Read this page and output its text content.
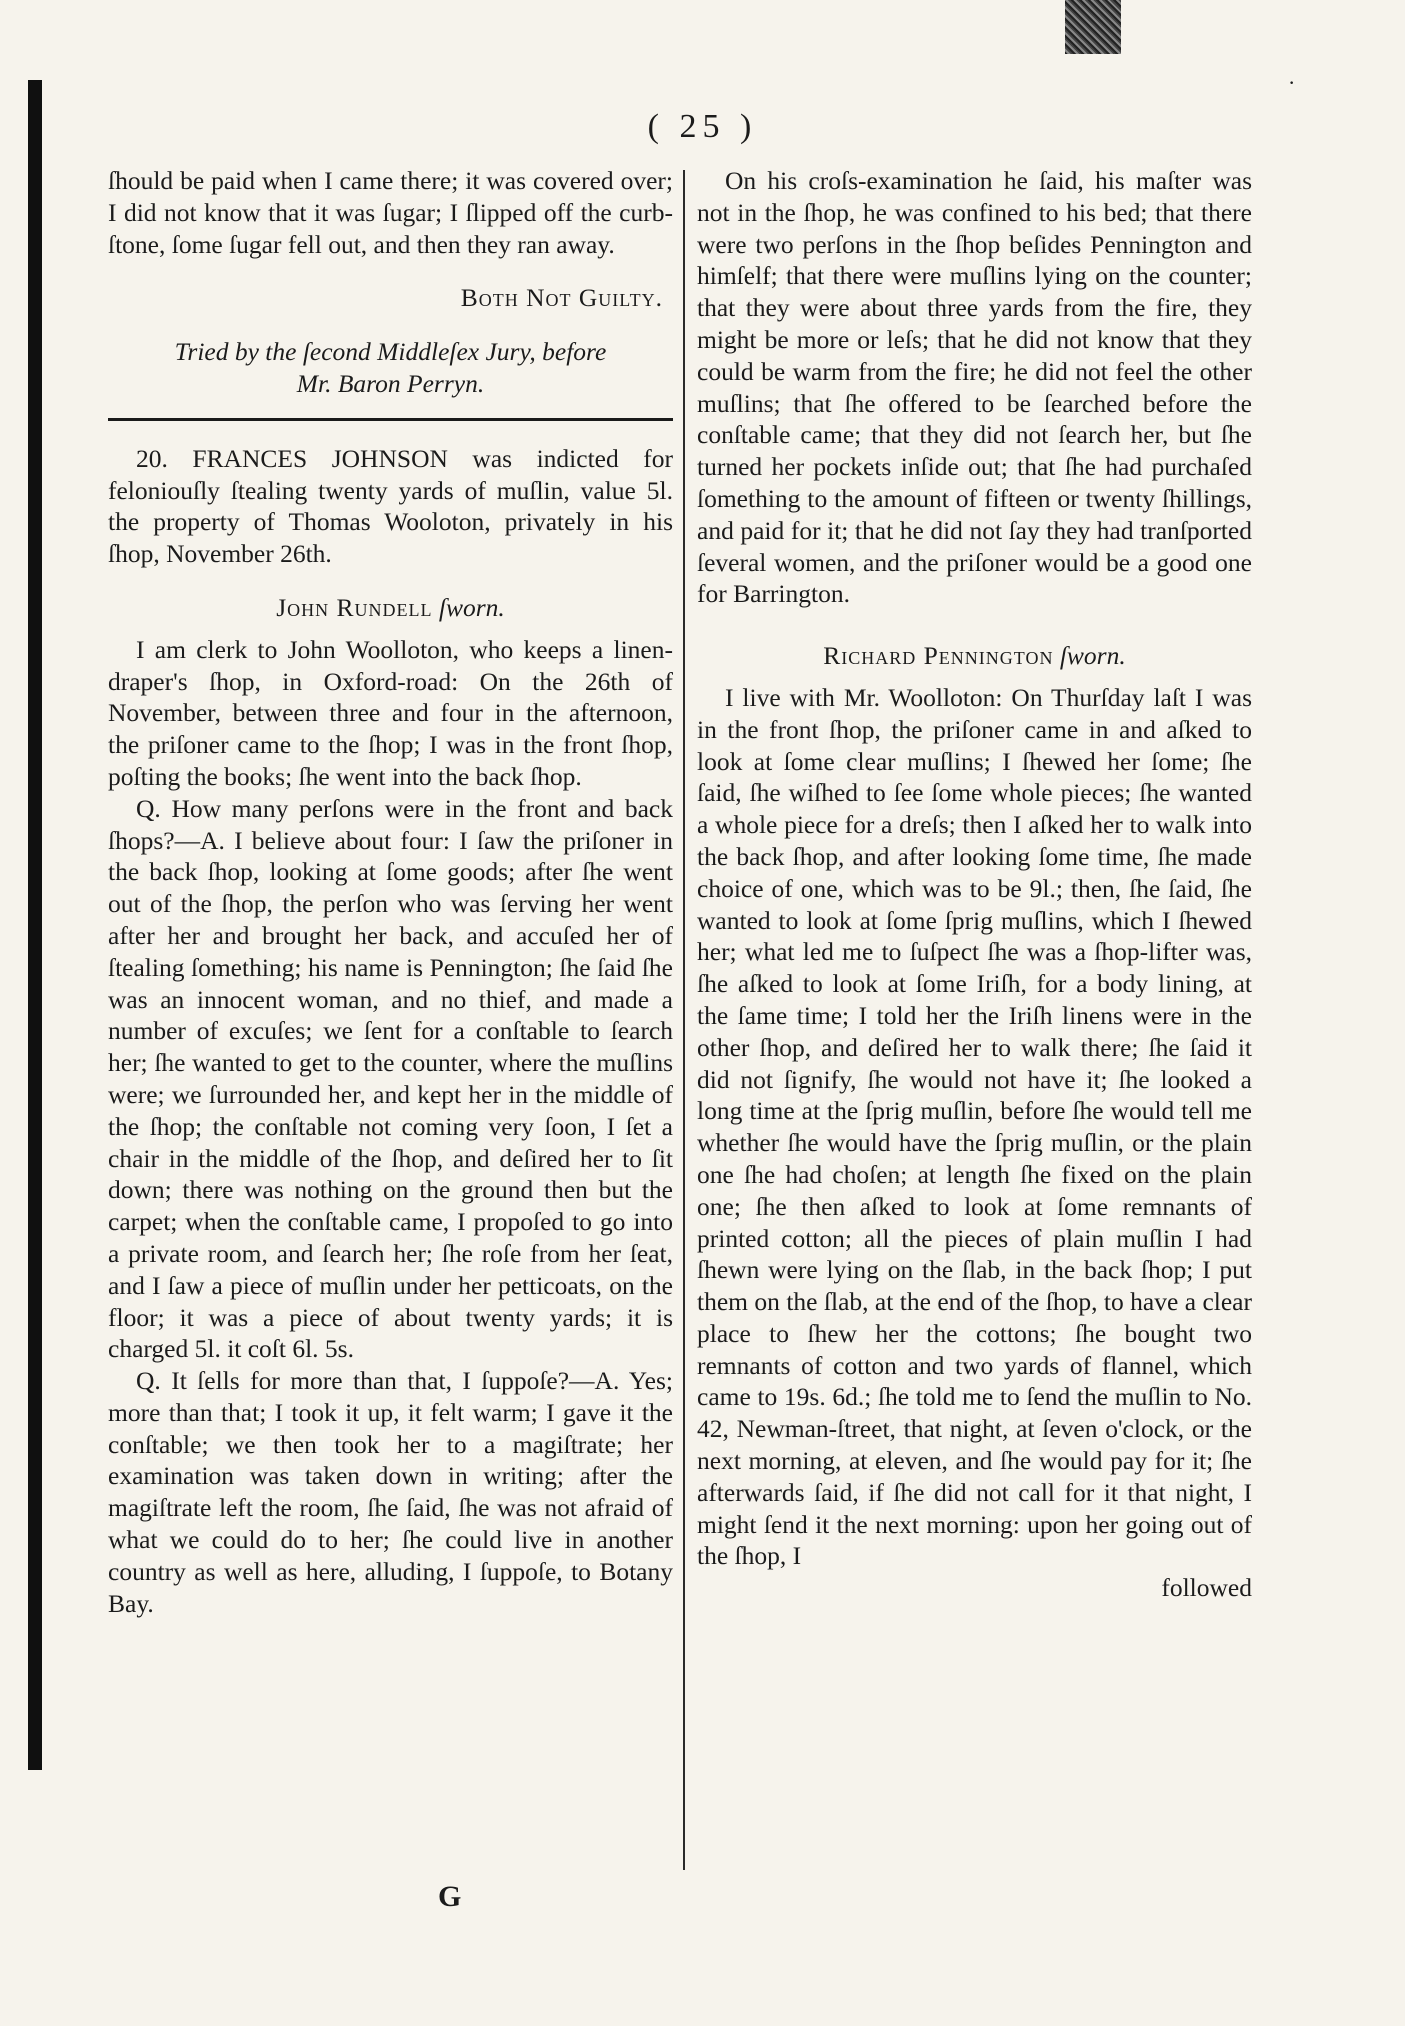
·
( 25 )

ſhould be paid when I came there; it was covered over; I did not know that it was ſugar; I ſlipped off the curb-ſtone, ſome ſugar fell out, and then they ran away.

Both Not Guilty.

Tried by the ſecond Middleſex Jury, before

Mr. Baron Perryn.

20. FRANCES JOHNSON was indicted for feloniouſly ſtealing twenty yards of muſlin, value 5l. the property of Thomas Wooloton, privately in his ſhop, November 26th.

John Rundell ſworn.

I am clerk to John Woolloton, who keeps a linen-draper's ſhop, in Oxford-road: On the 26th of November, between three and four in the afternoon, the priſoner came to the ſhop; I was in the front ſhop, poſting the books; ſhe went into the back ſhop.

Q. How many perſons were in the front and back ſhops?—A. I believe about four: I ſaw the priſoner in the back ſhop, looking at ſome goods; after ſhe went out of the ſhop, the perſon who was ſerving her went after her and brought her back, and accuſed her of ſtealing ſomething; his name is Pennington; ſhe ſaid ſhe was an innocent woman, and no thief, and made a number of excuſes; we ſent for a conſtable to ſearch her; ſhe wanted to get to the counter, where the muſlins were; we ſurrounded her, and kept her in the middle of the ſhop; the conſtable not coming very ſoon, I ſet a chair in the middle of the ſhop, and deſired her to ſit down; there was nothing on the ground then but the carpet; when the conſtable came, I propoſed to go into a private room, and ſearch her; ſhe roſe from her ſeat, and I ſaw a piece of muſlin under her petticoats, on the floor; it was a piece of about twenty yards; it is charged 5l. it coſt 6l. 5s.

Q. It ſells for more than that, I ſuppoſe?—A. Yes; more than that; I took it up, it felt warm; I gave it the conſtable; we then took her to a magiſtrate; her examination was taken down in writing; after the magiſtrate left the room, ſhe ſaid, ſhe was not afraid of what we could do to her; ſhe could live in another country as well as here, alluding, I ſuppoſe, to Botany Bay.

On his croſs-examination he ſaid, his maſter was not in the ſhop, he was confined to his bed; that there were two perſons in the ſhop beſides Pennington and himſelf; that there were muſlins lying on the counter; that they were about three yards from the fire, they might be more or leſs; that he did not know that they could be warm from the fire; he did not feel the other muſlins; that ſhe offered to be ſearched before the conſtable came; that they did not ſearch her, but ſhe turned her pockets inſide out; that ſhe had purchaſed ſomething to the amount of fifteen or twenty ſhillings, and paid for it; that he did not ſay they had tranſported ſeveral women, and the priſoner would be a good one for Barrington.

Richard Pennington ſworn.

I live with Mr. Woolloton: On Thurſday laſt I was in the front ſhop, the priſoner came in and aſked to look at ſome clear muſlins; I ſhewed her ſome; ſhe ſaid, ſhe wiſhed to ſee ſome whole pieces; ſhe wanted a whole piece for a dreſs; then I aſked her to walk into the back ſhop, and after looking ſome time, ſhe made choice of one, which was to be 9l.; then, ſhe ſaid, ſhe wanted to look at ſome ſprig muſlins, which I ſhewed her; what led me to ſuſpect ſhe was a ſhop-lifter was, ſhe aſked to look at ſome Iriſh, for a body lining, at the ſame time; I told her the Iriſh linens were in the other ſhop, and deſired her to walk there; ſhe ſaid it did not ſignify, ſhe would not have it; ſhe looked a long time at the ſprig muſlin, before ſhe would tell me whether ſhe would have the ſprig muſlin, or the plain one ſhe had choſen; at length ſhe fixed on the plain one; ſhe then aſked to look at ſome remnants of printed cotton; all the pieces of plain muſlin I had ſhewn were lying on the ſlab, in the back ſhop; I put them on the ſlab, at the end of the ſhop, to have a clear place to ſhew her the cottons; ſhe bought two remnants of cotton and two yards of flannel, which came to 19s. 6d.; ſhe told me to ſend the muſlin to No. 42, Newman-ſtreet, that night, at ſeven o'clock, or the next morning, at eleven, and ſhe would pay for it; ſhe afterwards ſaid, if ſhe did not call for it that night, I might ſend it the next morning: upon her going out of the ſhop, I

followed

G
